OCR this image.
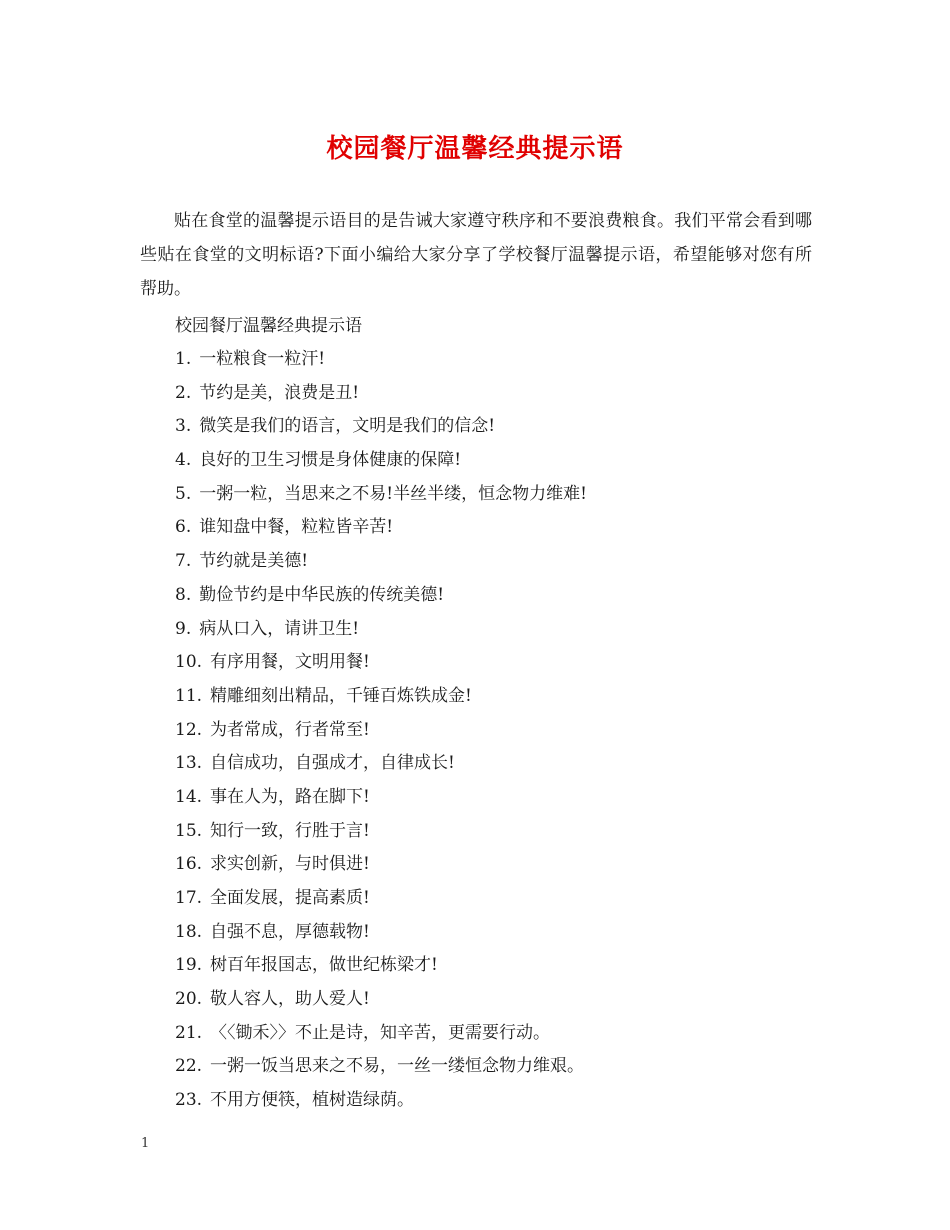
校园餐厅温馨经典提示语
贴在食堂的温馨提示语目的是告诫大家遵守秩序和不要浪费粮食。我们平常会看到哪些贴在食堂的文明标语?下面小编给大家分享了学校餐厅温馨提示语，希望能够对您有所帮助。
校园餐厅温馨经典提示语
1. 一粒粮食一粒汗!
2. 节约是美，浪费是丑!
3. 微笑是我们的语言，文明是我们的信念!
4. 良好的卫生习惯是身体健康的保障!
5. 一粥一粒，当思来之不易!半丝半缕，恒念物力维难!
6. 谁知盘中餐，粒粒皆辛苦!
7. 节约就是美德!
8. 勤俭节约是中华民族的传统美德!
9. 病从口入，请讲卫生!
10. 有序用餐，文明用餐!
11. 精雕细刻出精品，千锤百炼铁成金!
12. 为者常成，行者常至!
13. 自信成功，自强成才，自律成长!
14. 事在人为，路在脚下!
15. 知行一致，行胜于言!
16. 求实创新，与时俱进!
17. 全面发展，提高素质!
18. 自强不息，厚德载物!
19. 树百年报国志，做世纪栋梁才!
20. 敬人容人，助人爱人!
21. 〈〈锄禾〉〉不止是诗，知辛苦，更需要行动。
22. 一粥一饭当思来之不易，一丝一缕恒念物力维艰。
23. 不用方便筷，植树造绿荫。
1
